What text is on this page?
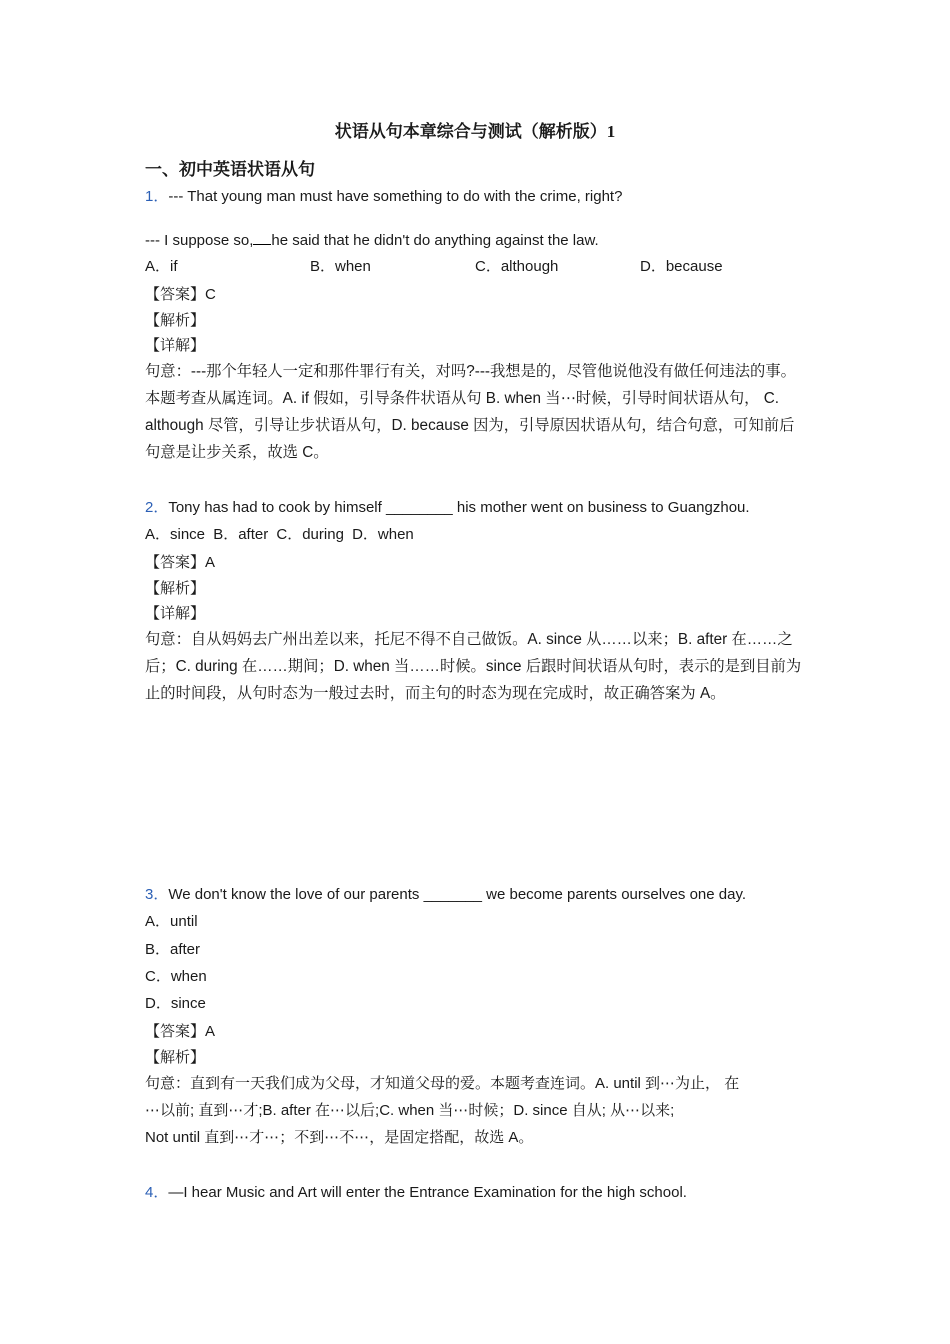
状语从句本章综合与测试（解析版）1
一、初中英语状语从句
1．--- That young man must have something to do with the crime, right?
--- I suppose so, he said that he didn't do anything against the law.
A．if	B．when	C．although	D．because
【答案】C
【解析】
【详解】
句意：---那个年轻人一定和那件罪行有关，对吗?---我想是的，尽管他说他没有做任何违法的事。本题考查从属连词。A. if 假如，引导条件状语从句 B. when 当⋯时候，引导时间状语从句， C. although 尽管，引导让步状语从句，D. because 因为，引导原因状语从句，结合句意，可知前后句意是让步关系，故选 C。
2．Tony has had to cook by himself ________ his mother went on business to Guangzhou.
A．since B．after C．during D．when
【答案】A
【解析】
【详解】
句意：自从妈妈去广州出差以来，托尼不得不自己做饭。A. since 从……以来；B. after 在……之后；C. during 在……期间；D. when 当……时候。since 后跟时间状语从句时，表示的是到目前为止的时间段，从句时态为一般过去时，而主句的时态为现在完成时，故正确答案为 A。
3．We don't know the love of our parents _______ we become parents ourselves one day.
A．until
B．after
C．when
D．since
【答案】A
【解析】
句意：直到有一天我们成为父母，才知道父母的爱。本题考查连词。A. until 到⋯为止， 在
⋯以前; 直到⋯才;B. after 在⋯以后;C. when 当⋯时候；D. since 自从; 从⋯以来;
Not until 直到⋯才⋯；不到⋯不⋯，是固定搭配，故选 A。
4．—I hear Music and Art will enter the Entrance Examination for the high school.
